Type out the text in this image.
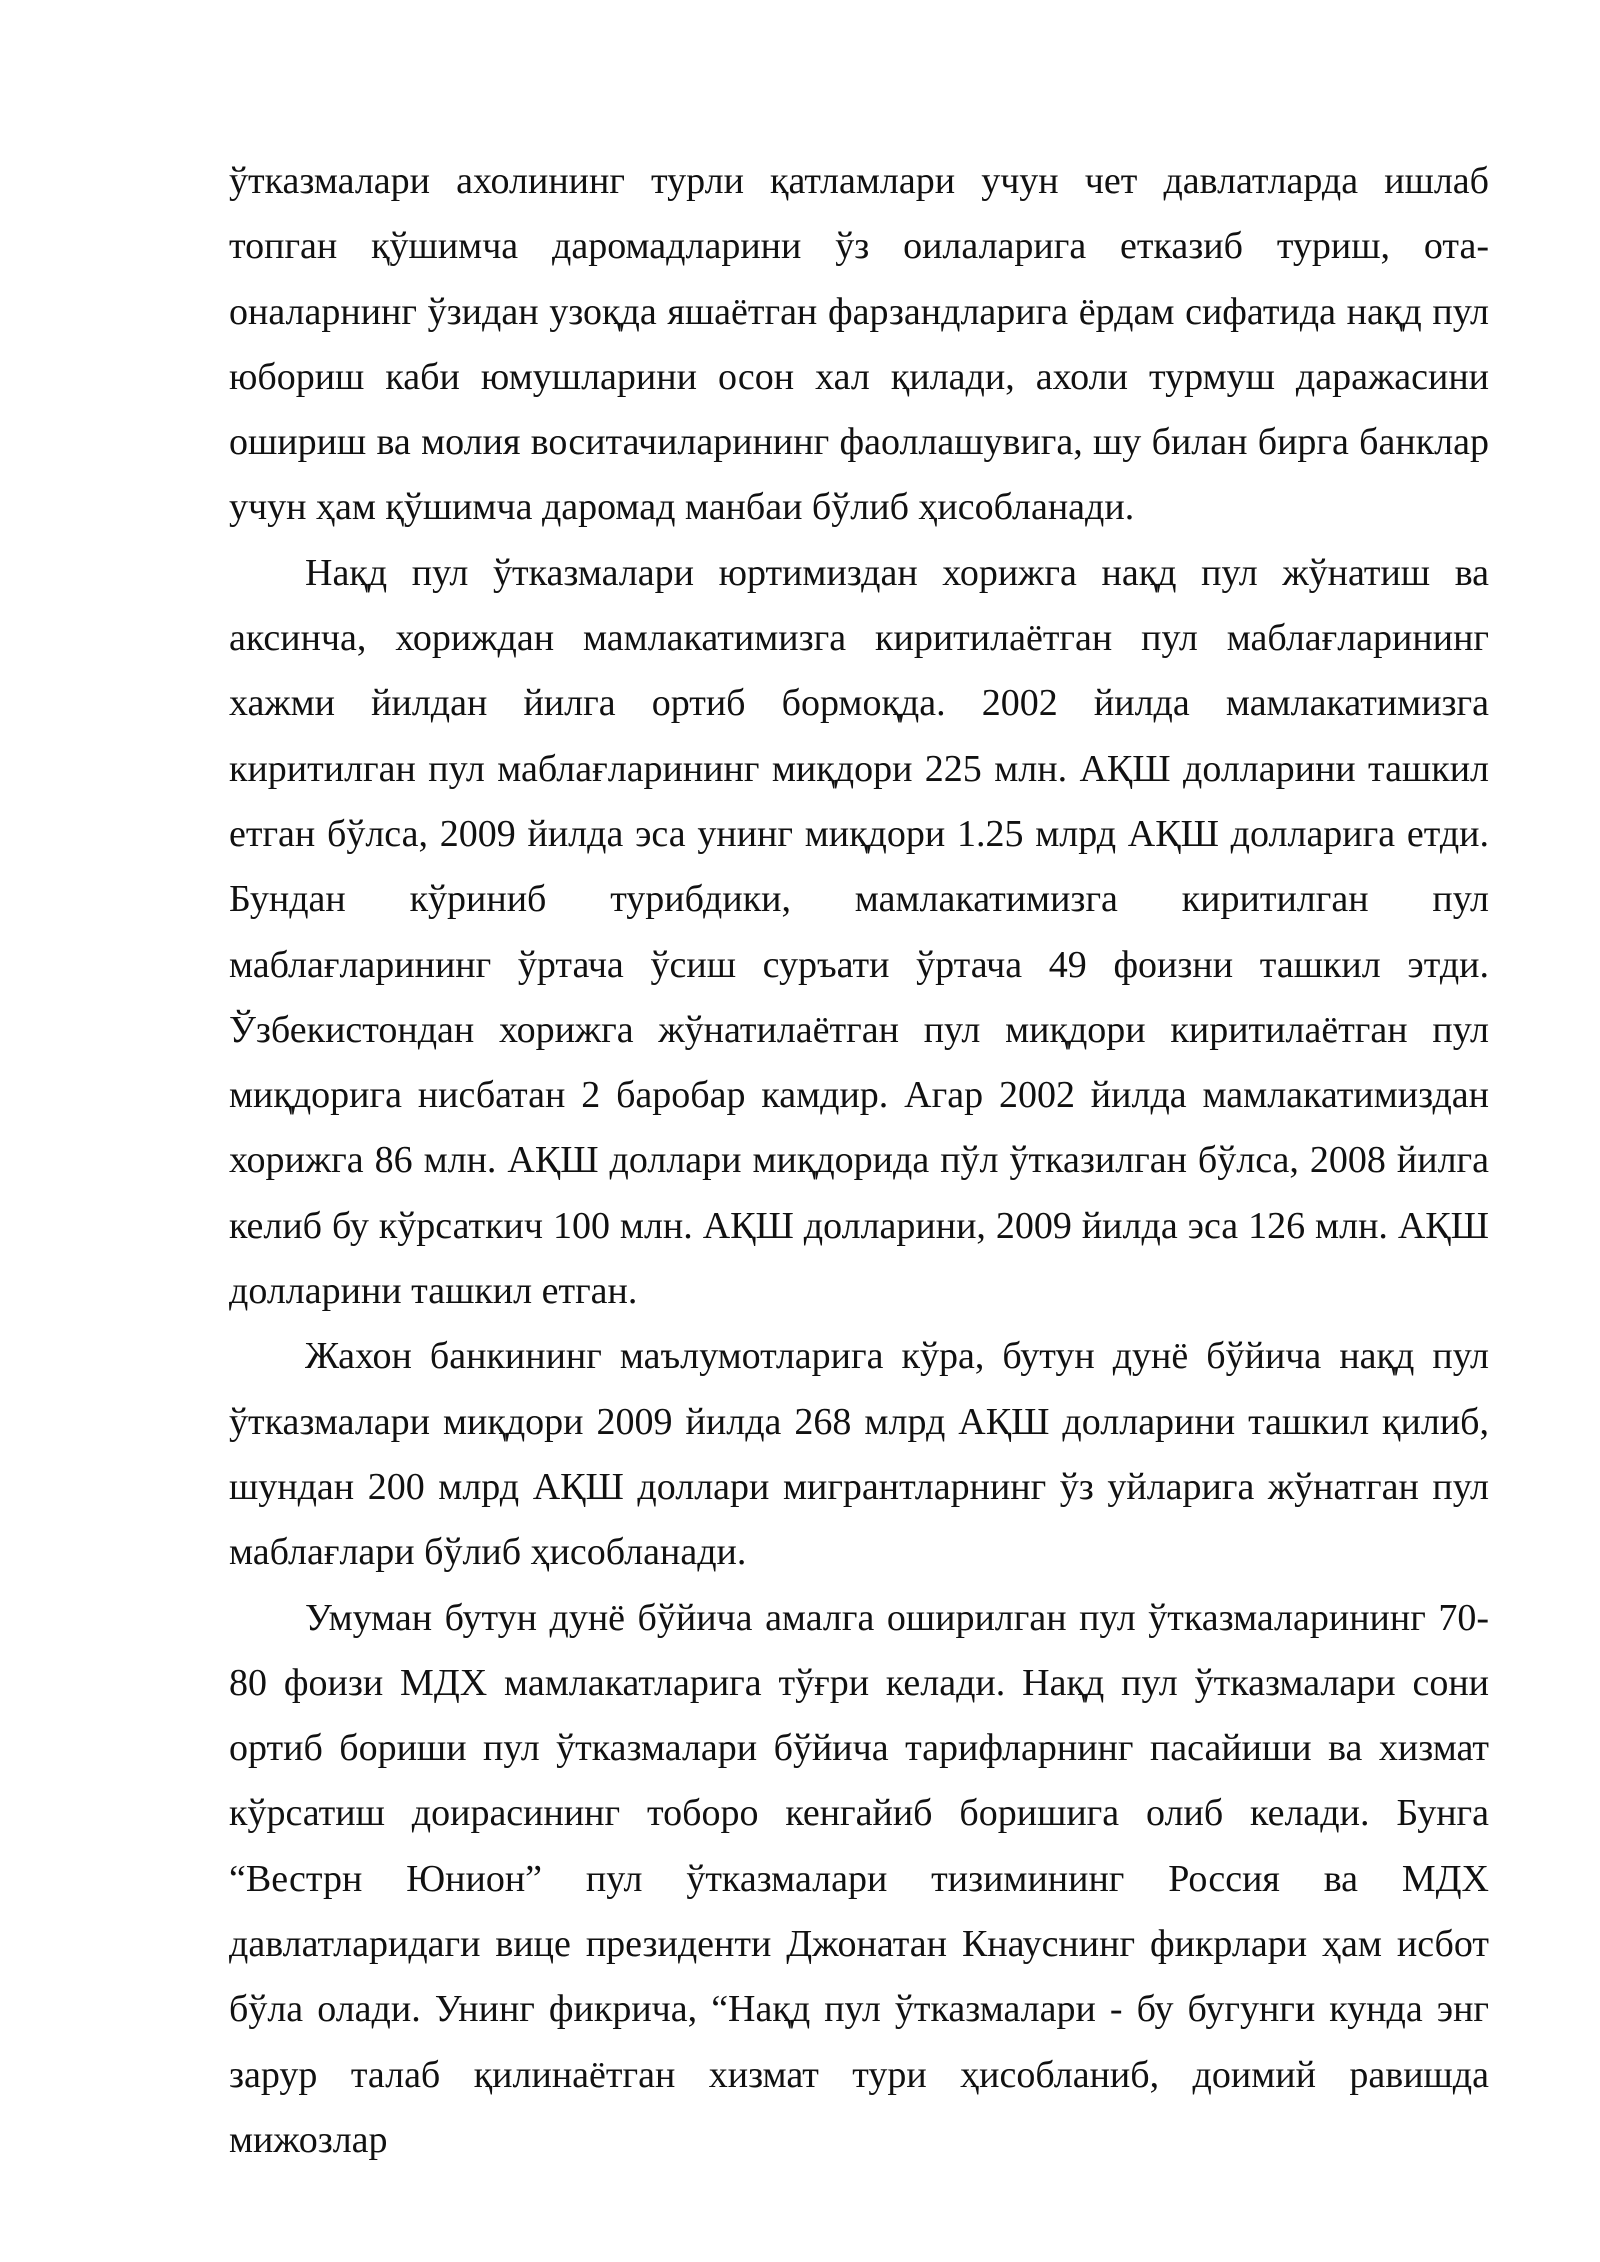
ўтказмалари ахолининг турли қатламлари учун чет давлатларда ишлаб топган қўшимча даромадларини ўз оилаларига етказиб туриш, ота-оналарнинг ўзидан узоқда яшаётган фарзандларига ёрдам сифатида нақд пул юбориш каби юмушларини осон хал қилади, ахоли турмуш даражасини ошириш ва молия воситачиларининг фаоллашувига, шу билан бирга банклар учун ҳам қўшимча даромад манбаи бўлиб ҳисобланади.

Нақд пул ўтказмалари юртимиздан хорижга нақд пул жўнатиш ва аксинча, хориждан мамлакатимизга киритилаётган пул маблағларининг хажми йилдан йилга ортиб бормоқда. 2002 йилда мамлакатимизга киритилган пул маблағларининг миқдори 225 млн. АҚШ долларини ташкил етган бўлса, 2009 йилда эса унинг миқдори 1.25 млрд АҚШ долларига етди. Бундан кўриниб турибдики, мамлакатимизга киритилган пул маблағларининг ўртача ўсиш суръати ўртача 49 фоизни ташкил этди. Ўзбекистондан хорижга жўнатилаётган пул миқдори киритилаётган пул миқдорига нисбатан 2 баробар камдир. Агар 2002 йилда мамлакатимиздан хорижга 86 млн. АҚШ доллари миқдорида пўл ўтказилган бўлса, 2008 йилга келиб бу кўрсаткич 100 млн. АҚШ долларини, 2009 йилда эса 126 млн. АҚШ долларини ташкил етган.

Жахон банкининг маълумотларига кўра, бутун дунё бўйича нақд пул ўтказмалари миқдори 2009 йилда 268 млрд АҚШ долларини ташкил қилиб, шундан 200 млрд АҚШ доллари мигрантларнинг ўз уйларига жўнатган пул маблағлари бўлиб ҳисобланади.

Умуман бутун дунё бўйича амалга оширилган пул ўтказмаларининг 70-80 фоизи МДХ мамлакатларига тўғри келади. Нақд пул ўтказмалари сони ортиб бориши пул ўтказмалари бўйича тарифларнинг пасайиши ва хизмат кўрсатиш доирасининг тоборо кенгайиб боришига олиб келади. Бунга “Вестрн Юнион” пул ўтказмалари тизимининг Россия ва МДХ давлатларидаги вице президенти Джонатан Кнауснинг фикрлари ҳам исбот бўла олади. Унинг фикрича, “Нақд пул ўтказмалари - бу бугунги кунда энг зарур талаб қилинаётган хизмат тури ҳисобланиб, доимий равишда мижозлар
